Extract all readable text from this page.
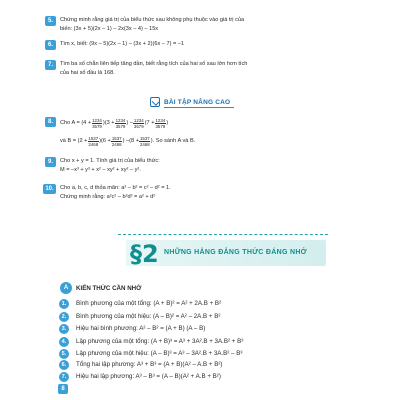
5.	Chứng minh rằng giá trị của biểu thức sau không phụ thuộc vào giá trị của
biến: (3x + 5)(2x – 1) – 2x(3x – 4) – 15x
6.	Tìm x, biết: (9x – 5)(2x – 1) – (3x + 2)(6x – 7) = –1
7.	Tìm ba số chẵn liên tiếp tăng dần, biết rằng tích của hai số sau lớn hơn tích
của hai số đầu là 168.
BÀI TẬP NÂNG CAO
8.	Cho A =
($4 + \frac{1234}{3579}$ ) ($3 + \frac{1234}{3579}$ )
– $\frac{1234}{3579} (7 + \frac{1234}{3579}$ )
và B =
($2 + \frac{1537}{2468}$ ) ($6 + \frac{1537}{2468}$ )
– ($8 + \frac{1537}{2468}$ ) . So sánh A và B.
9.	Cho x + y = 1. Tính giá trị của biểu thức:
M = –x³ + y³ + x² – xy² + xy² – y².
10.	Cho a, b, c, d thỏa mãn: a² – b² = c² – d² = 1.
Chứng minh rằng: a²c² – b²d² = a² + d²
§2 NHỮNG HẰNG ĐẲNG THỨC ĐÁNG NHỚ
A	KIẾN THỨC CẦN NHỚ
1.	Bình phương của một tổng: (A + B)² = A² + 2A.B + B²
2.	Bình phương của một hiệu: (A – B)² = A² – 2A.B + B²
3.	Hiệu hai bình phương: A² – B² = (A + B) (A – B)
4.	Lập phương của một tổng: (A + B)³ = A³ + 3A².B + 3A.B² + B³
5.	Lập phương của một hiệu: (A – B)³ = A³ – 3A².B + 3A.B² – B³
6.	Tổng hai lập phương: A³ + B³ = (A + B)(A² – A.B + B²)
7.	Hiệu hai lập phương: A³ – B³ = (A – B)(A² + A.B + B²)
8
